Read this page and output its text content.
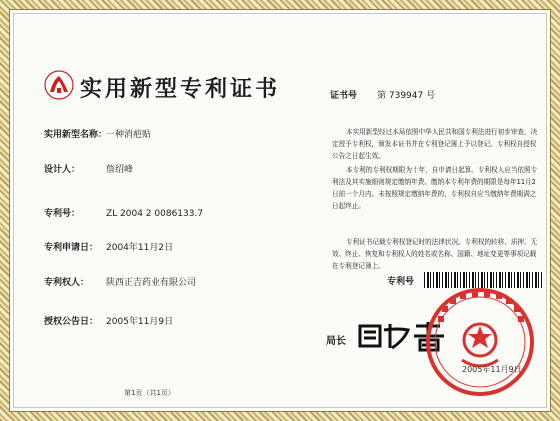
实用新型专利证书
实用新型名称：一种消疤贴
设计人：	詹绍峰
专利号：	ZL 2004 2 0086133.7
专利申请日： 2004年11月2日
专利权人： 陕西正吉药业有限公司
授权公告日： 2005年11月9日
第1页（共1页）
证书号 第 739947 号
本实用新型经过本局依照中华人民共和国专利法进行初步审查，决定授予专利权，颁发本证书并在专利登记簿上予以登记。专利权自授权公告之日起生效。
本专利的专利权期限为十年，自申请日起算。专利权人应当依照专利法及其实施细则规定缴纳年费。缴纳本专利年费的期限是每年11月2日前一个月内。未按照规定缴纳年费的，专利权自应当缴纳年费期满之日起终止。
专利证书记载专利权登记时的法律状况。专利权的转移、质押、无效、终止、恢复和专利权人的姓名或名称、国籍、地址变更等事项记载在专利登记簿上。
专利号
局长
2005年11月9日
